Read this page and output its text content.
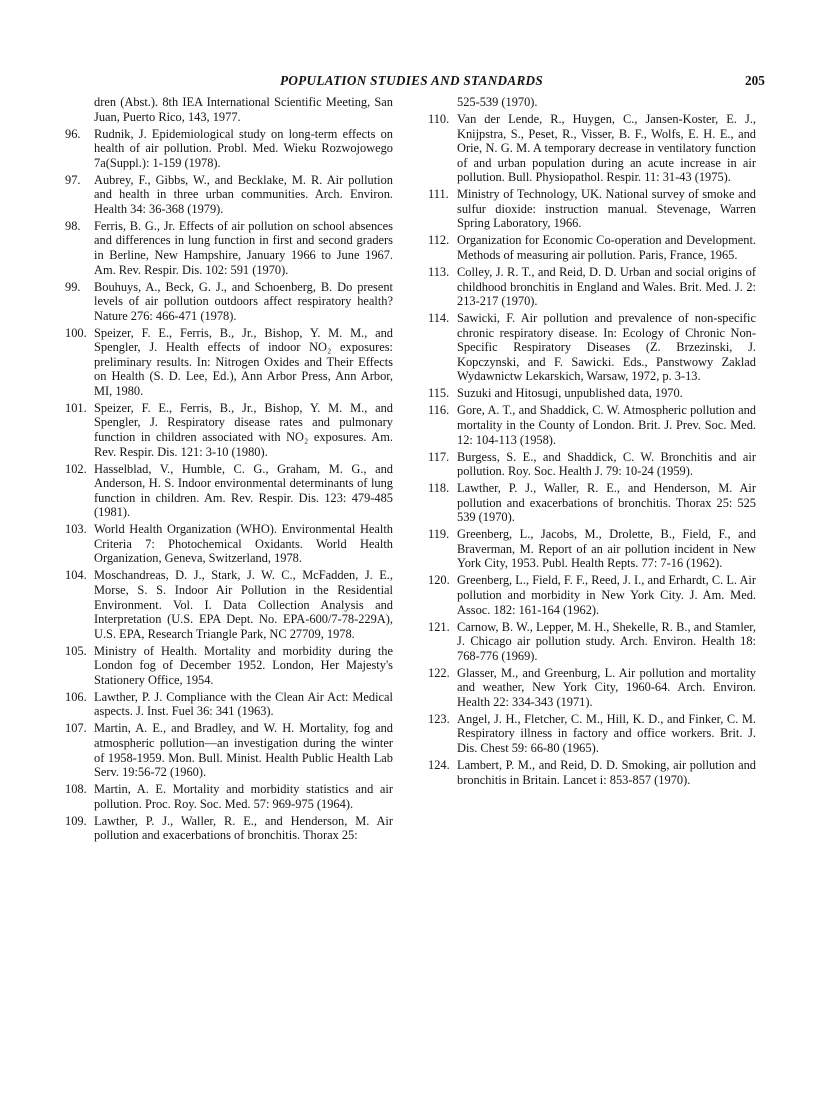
POPULATION STUDIES AND STANDARDS	205
dren (Abst.). 8th IEA International Scientific Meeting, San Juan, Puerto Rico, 143, 1977.
96.	Rudnik, J. Epidemiological study on long-term effects on health of air pollution. Probl. Med. Wieku Rozwojowego 7a(Suppl.): 1-159 (1978).
97.	Aubrey, F., Gibbs, W., and Becklake, M. R. Air pollution and health in three urban communities. Arch. Environ. Health 34: 36-368 (1979).
98.	Ferris, B. G., Jr. Effects of air pollution on school absences and differences in lung function in first and second graders in Berline, New Hampshire, January 1966 to June 1967. Am. Rev. Respir. Dis. 102: 591 (1970).
99.	Bouhuys, A., Beck, G. J., and Schoenberg, B. Do present levels of air pollution outdoors affect respiratory health? Nature 276: 466-471 (1978).
100. Speizer, F. E., Ferris, B., Jr., Bishop, Y. M. M., and Spengler, J. Health effects of indoor NO₂ exposures: preliminary results. In: Nitrogen Oxides and Their Effects on Health (S. D. Lee, Ed.), Ann Arbor Press, Ann Arbor, MI, 1980.
101. Speizer, F. E., Ferris, B., Jr., Bishop, Y. M. M., and Spengler, J. Respiratory disease rates and pulmonary function in children associated with NO₂ exposures. Am. Rev. Respir. Dis. 121: 3-10 (1980).
102. Hasselblad, V., Humble, C. G., Graham, M. G., and Anderson, H. S. Indoor environmental determinants of lung function in children. Am. Rev. Respir. Dis. 123: 479-485 (1981).
103. World Health Organization (WHO). Environmental Health Criteria 7: Photochemical Oxidants. World Health Organization, Geneva, Switzerland, 1978.
104. Moschandreas, D. J., Stark, J. W. C., McFadden, J. E., Morse, S. S. Indoor Air Pollution in the Residential Environment. Vol. I. Data Collection Analysis and Interpretation (U.S. EPA Dept. No. EPA-600/7-78-229A), U.S. EPA, Research Triangle Park, NC 27709, 1978.
105. Ministry of Health. Mortality and morbidity during the London fog of December 1952. London, Her Majesty's Stationery Office, 1954.
106. Lawther, P. J. Compliance with the Clean Air Act: Medical aspects. J. Inst. Fuel 36: 341 (1963).
107. Martin, A. E., and Bradley, and W. H. Mortality, fog and atmospheric pollution—an investigation during the winter of 1958-1959. Mon. Bull. Minist. Health Public Health Lab Serv. 19:56-72 (1960).
108. Martin, A. E. Mortality and morbidity statistics and air pollution. Proc. Roy. Soc. Med. 57: 969-975 (1964).
109. Lawther, P. J., Waller, R. E., and Henderson, M. Air pollution and exacerbations of bronchitis. Thorax 25:
525-539 (1970).
110. Van der Lende, R., Huygen, C., Jansen-Koster, E. J., Knijpstra, S., Peset, R., Visser, B. F., Wolfs, E. H. E., and Orie, N. G. M. A temporary decrease in ventilatory function of and urban population during an acute increase in air pollution. Bull. Physiopathol. Respir. 11: 31-43 (1975).
111. Ministry of Technology, UK. National survey of smoke and sulfur dioxide: instruction manual. Stevenage, Warren Spring Laboratory, 1966.
112. Organization for Economic Co-operation and Development. Methods of measuring air pollution. Paris, France, 1965.
113. Colley, J. R. T., and Reid, D. D. Urban and social origins of childhood bronchitis in England and Wales. Brit. Med. J. 2: 213-217 (1970).
114. Sawicki, F. Air pollution and prevalence of non-specific chronic respiratory disease. In: Ecology of Chronic Non-Specific Respiratory Diseases (Z. Brzezinski, J. Kopczynski, and F. Sawicki. Eds., Panstwowy Zaklad Wydawnictw Lekarskich, Warsaw, 1972, p. 3-13.
115. Suzuki and Hitosugi, unpublished data, 1970.
116. Gore, A. T., and Shaddick, C. W. Atmospheric pollution and mortality in the County of London. Brit. J. Prev. Soc. Med. 12: 104-113 (1958).
117. Burgess, S. E., and Shaddick, C. W. Bronchitis and air pollution. Roy. Soc. Health J. 79: 10-24 (1959).
118. Lawther, P. J., Waller, R. E., and Henderson, M. Air pollution and exacerbations of bronchitis. Thorax 25: 525 539 (1970).
119. Greenberg, L., Jacobs, M., Drolette, B., Field, F., and Braverman, M. Report of an air pollution incident in New York City, 1953. Publ. Health Repts. 77: 7-16 (1962).
120. Greenberg, L., Field, F. F., Reed, J. I., and Erhardt, C. L. Air pollution and morbidity in New York City. J. Am. Med. Assoc. 182: 161-164 (1962).
121. Carnow, B. W., Lepper, M. H., Shekelle, R. B., and Stamler, J. Chicago air pollution study. Arch. Environ. Health 18: 768-776 (1969).
122. Glasser, M., and Greenburg, L. Air pollution and mortality and weather, New York City, 1960-64. Arch. Environ. Health 22: 334-343 (1971).
123. Angel, J. H., Fletcher, C. M., Hill, K. D., and Finker, C. M. Respiratory illness in factory and office workers. Brit. J. Dis. Chest 59: 66-80 (1965).
124. Lambert, P. M., and Reid, D. D. Smoking, air pollution and bronchitis in Britain. Lancet i: 853-857 (1970).
